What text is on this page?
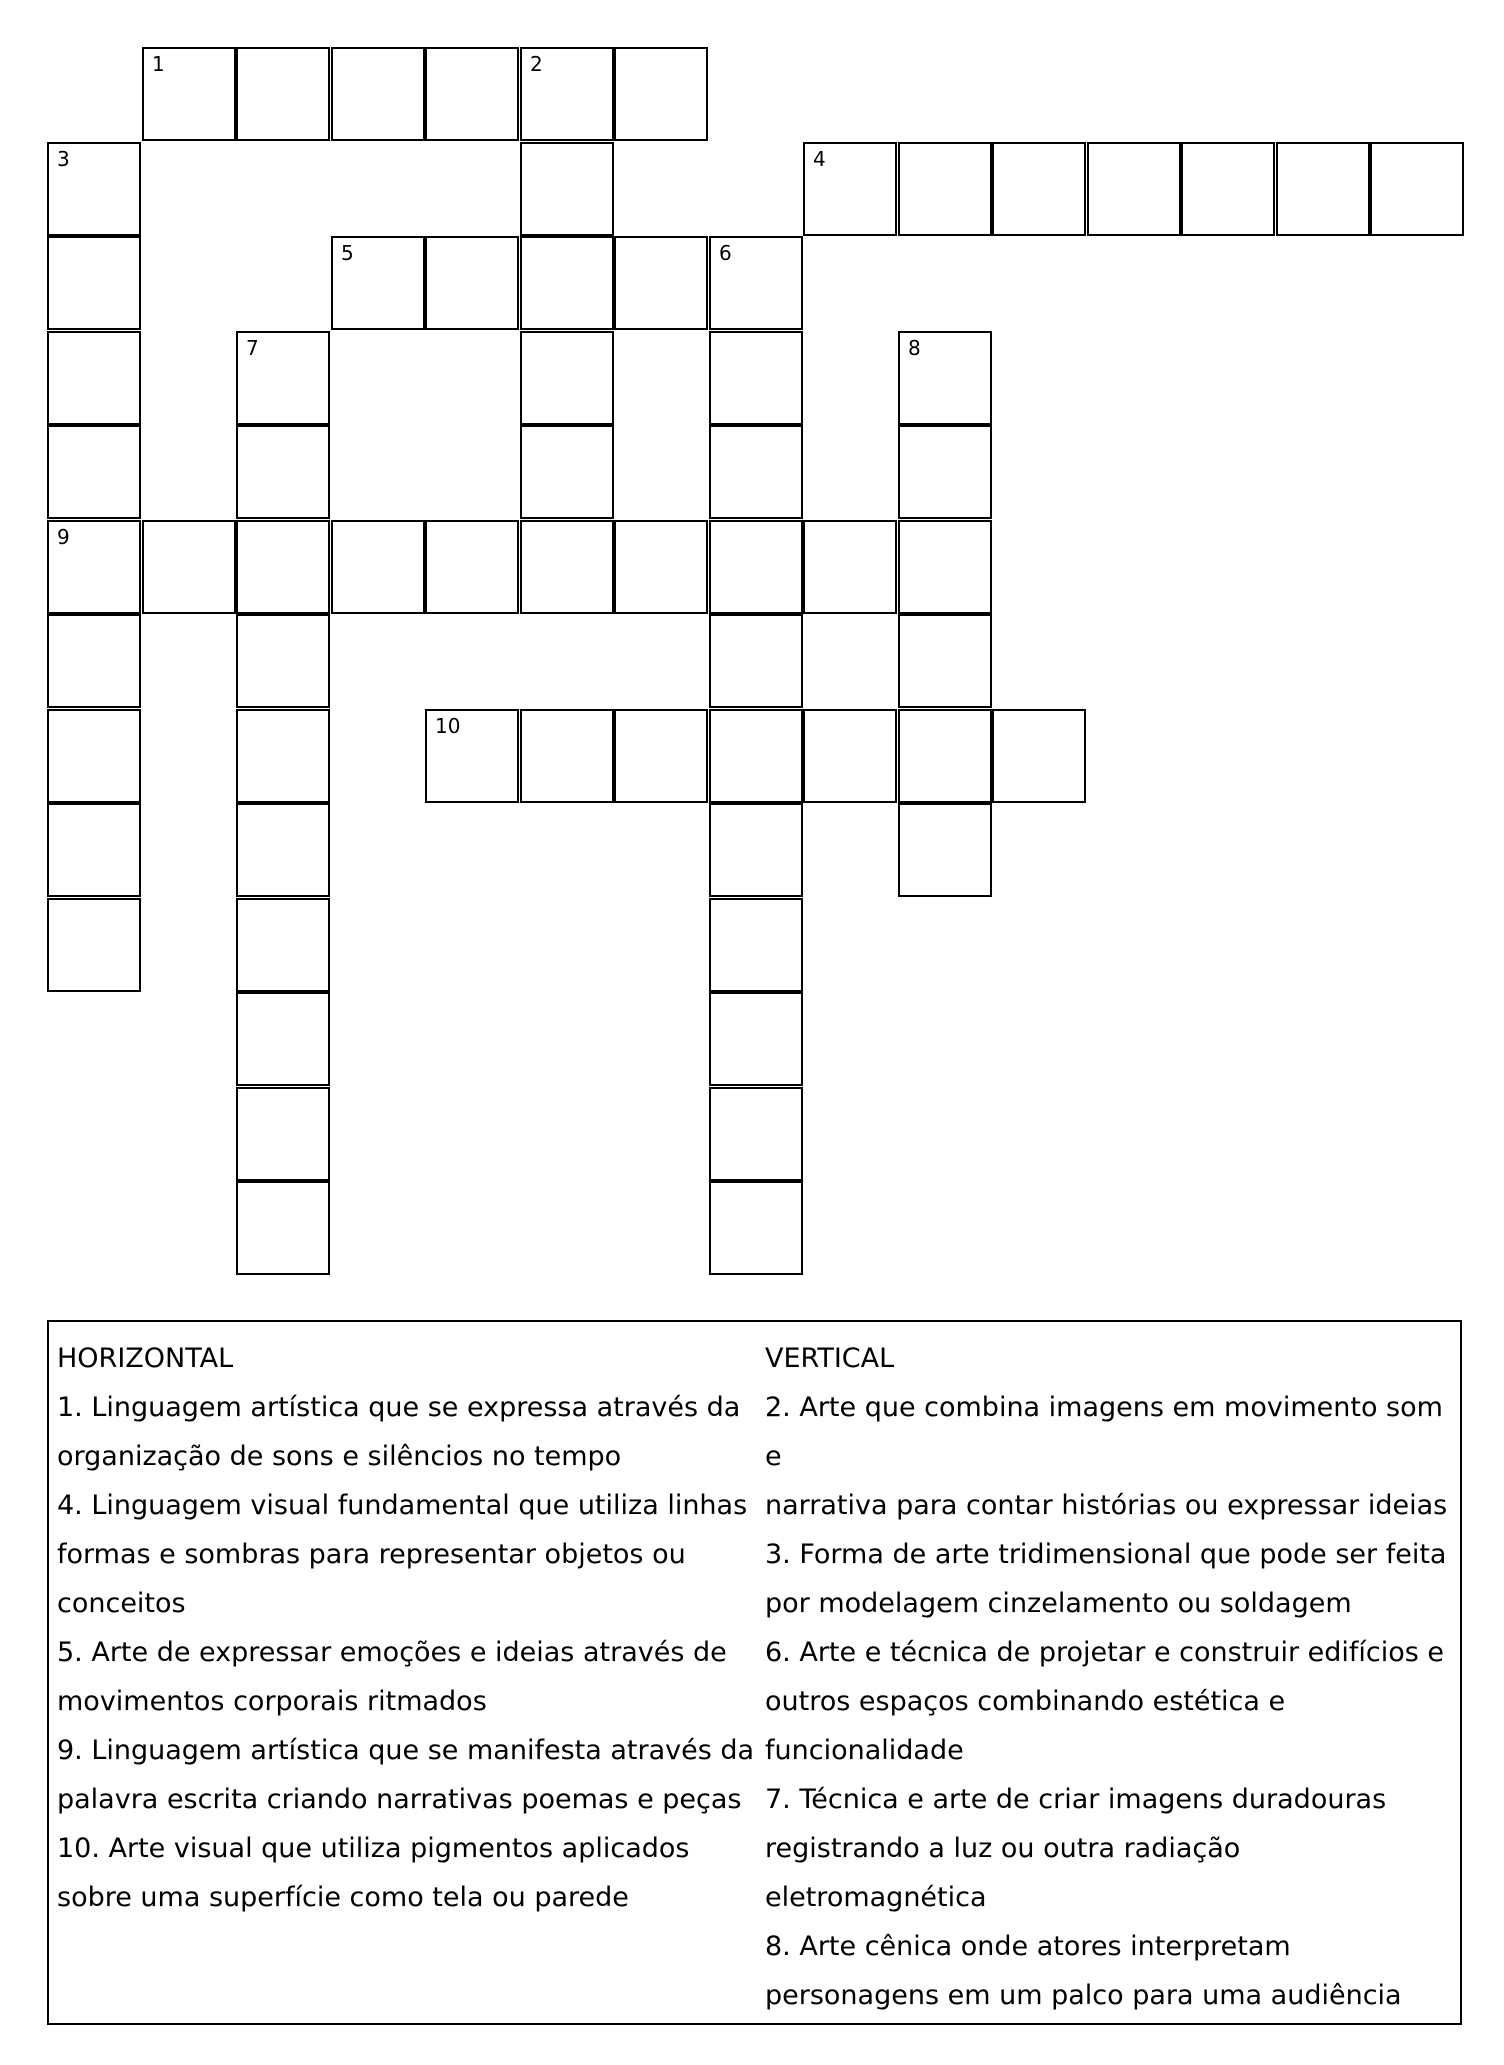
1	2
3
9
4
5	6
7	8
10
HORIZONTAL
1. Linguagem artística que se expressa através da
organização de sons e silêncios no tempo
4. Linguagem visual fundamental que utiliza linhas
formas e sombras para representar objetos ou
conceitos
5. Arte de expressar emoções e ideias através de
movimentos corporais ritmados
9. Linguagem artística que se manifesta através da
palavra escrita criando narrativas poemas e peças
10. Arte visual que utiliza pigmentos aplicados
sobre uma superfície como tela ou parede
VERTICAL
2. Arte que combina imagens em movimento som e
narrativa para contar histórias ou expressar ideias
3. Forma de arte tridimensional que pode ser feita
por modelagem cinzelamento ou soldagem
6. Arte e técnica de projetar e construir edifícios e
outros espaços combinando estética e
funcionalidade
7. Técnica e arte de criar imagens duradouras
registrando a luz ou outra radiação
eletromagnética
8. Arte cênica onde atores interpretam
personagens em um palco para uma audiência
